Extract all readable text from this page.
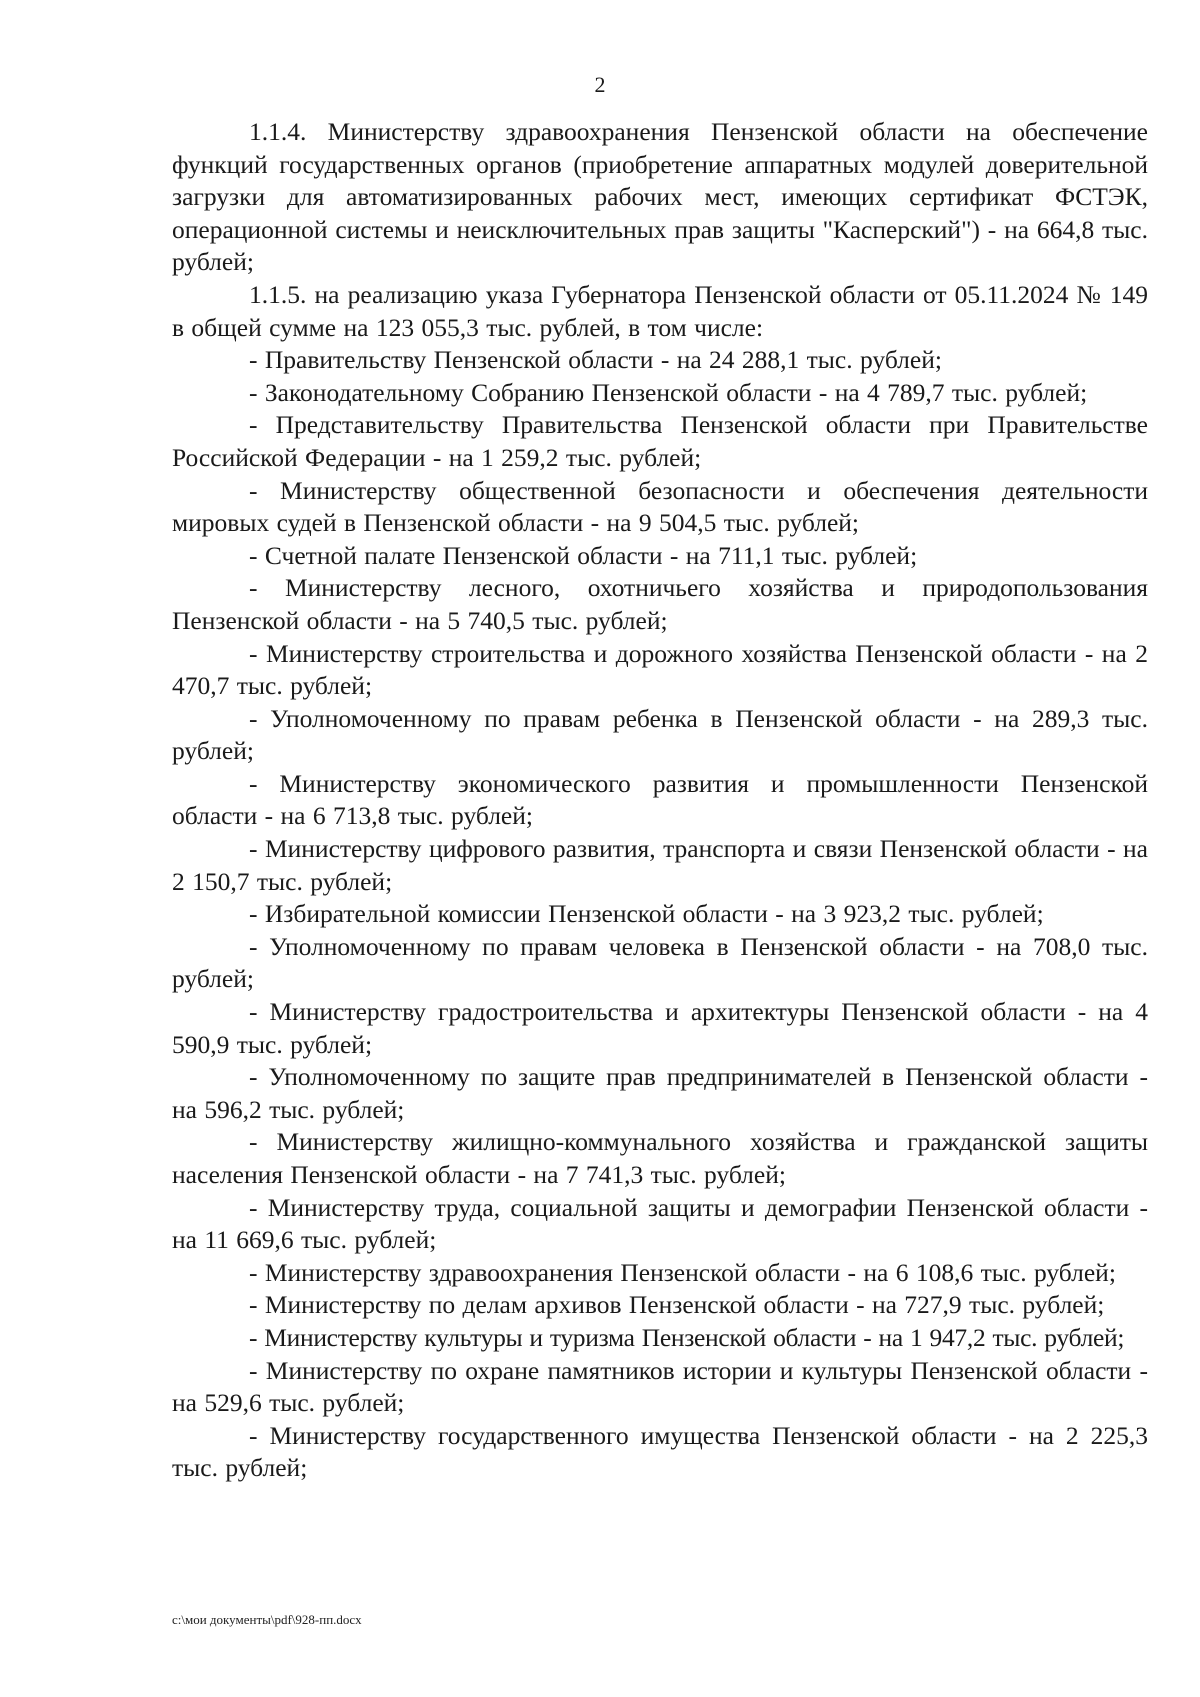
2

1.1.4. Министерству здравоохранения Пензенской области на обеспечение функций государственных органов (приобретение аппаратных модулей доверительной загрузки для автоматизированных рабочих мест, имеющих сертификат ФСТЭК, операционной системы и неисключительных прав защиты "Касперский") - на 664,8 тыс. рублей;

1.1.5. на реализацию указа Губернатора Пензенской области от 05.11.2024 № 149 в общей сумме на 123 055,3 тыс. рублей, в том числе:

- Правительству Пензенской области - на 24 288,1 тыс. рублей;

- Законодательному Собранию Пензенской области - на 4 789,7 тыс. рублей;

- Представительству Правительства Пензенской области при Правительстве Российской Федерации - на 1 259,2 тыс. рублей;

- Министерству общественной безопасности и обеспечения деятельности мировых судей в Пензенской области - на 9 504,5 тыс. рублей;

- Счетной палате Пензенской области - на 711,1 тыс. рублей;

- Министерству лесного, охотничьего хозяйства и природопользования Пензенской области - на 5 740,5 тыс. рублей;

- Министерству строительства и дорожного хозяйства Пензенской области - на 2 470,7 тыс. рублей;

- Уполномоченному по правам ребенка в Пензенской области - на 289,3 тыс. рублей;

- Министерству экономического развития и промышленности Пензенской области - на 6 713,8 тыс. рублей;

- Министерству цифрового развития, транспорта и связи Пензенской области - на 2 150,7 тыс. рублей;

- Избирательной комиссии Пензенской области - на 3 923,2 тыс. рублей;

- Уполномоченному по правам человека в Пензенской области - на 708,0 тыс. рублей;

- Министерству градостроительства и архитектуры Пензенской области - на 4 590,9 тыс. рублей;

- Уполномоченному по защите прав предпринимателей в Пензенской области - на 596,2 тыс. рублей;

- Министерству жилищно-коммунального хозяйства и гражданской защиты населения Пензенской области - на 7 741,3 тыс. рублей;

- Министерству труда, социальной защиты и демографии Пензенской области - на 11 669,6 тыс. рублей;

- Министерству здравоохранения Пензенской области - на 6 108,6 тыс. рублей;

- Министерству по делам архивов Пензенской области - на 727,9 тыс. рублей;

- Министерству культуры и туризма Пензенской области - на 1 947,2 тыс. рублей;

- Министерству по охране памятников истории и культуры Пензенской области - на 529,6 тыс. рублей;

- Министерству государственного имущества Пензенской области - на 2 225,3 тыс. рублей;

c:\мои документы\pdf\928-пп.docx
